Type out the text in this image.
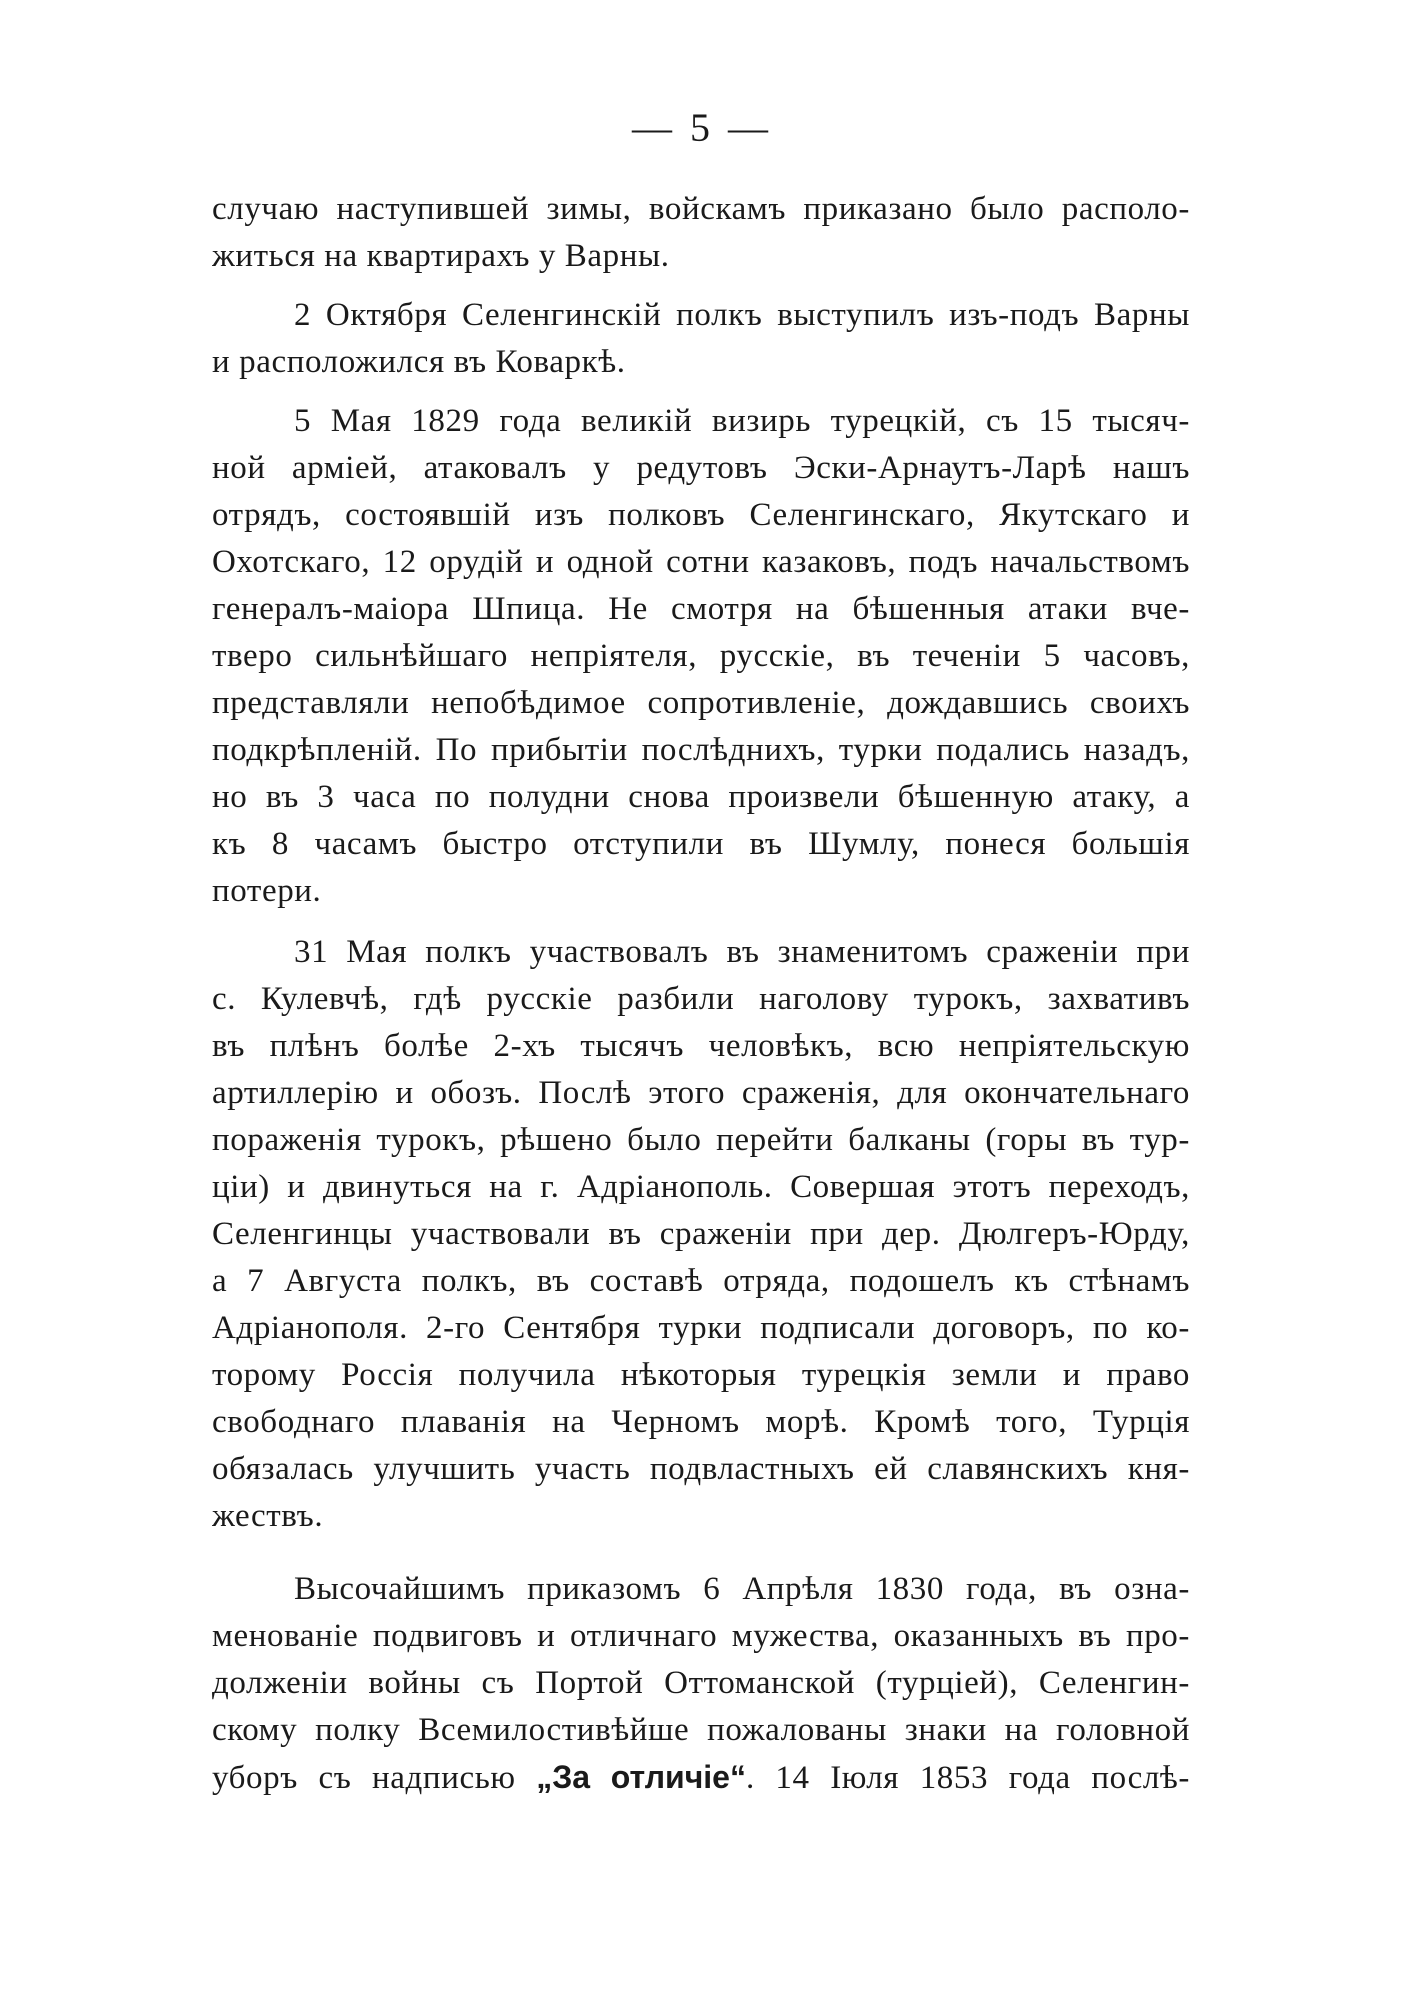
— 5 —
случаю наступившей зимы, войскамъ приказано было располо-
житься на квартирахъ у Варны.
2 Октября Селенгинскій полкъ выступилъ изъ-подъ Варны
и расположился въ Коваркѣ.
5 Мая 1829 года великій визирь турецкій, съ 15 тысяч-
ной арміей, атаковалъ у редутовъ Эски-Арнаутъ-Ларѣ нашъ
отрядъ, состоявшій изъ полковъ Селенгинскаго, Якутскаго и
Охотскаго, 12 орудій и одной сотни казаковъ, подъ начальствомъ
генералъ-маіора Шпица. Не смотря на бѣшенныя атаки вче-
тверо сильнѣйшаго непріятеля, русскіе, въ теченіи 5 часовъ,
представляли непобѣдимое сопротивленіе, дождавшись своихъ
подкрѣпленій. По прибытіи послѣднихъ, турки подались назадъ,
но въ 3 часа по полудни снова произвели бѣшенную атаку, а
къ 8 часамъ быстро отступили въ Шумлу, понеся большія
потери.
31 Мая полкъ участвовалъ въ знаменитомъ сраженіи при
с. Кулевчѣ, гдѣ русскіе разбили наголову турокъ, захвативъ
въ плѣнъ болѣе 2-хъ тысячъ человѣкъ, всю непріятельскую
артиллерію и обозъ. Послѣ этого сраженія, для окончательнаго
пораженія турокъ, рѣшено было перейти балканы (горы въ тур-
ціи) и двинуться на г. Адріанополь. Совершая этотъ переходъ,
Селенгинцы участвовали въ сраженіи при дер. Дюлгеръ-Юрду,
а 7 Августа полкъ, въ составѣ отряда, подошелъ къ стѣнамъ
Адріанополя. 2-го Сентября турки подписали договоръ, по ко-
торому Россія получила нѣкоторыя турецкія земли и право
свободнаго плаванія на Черномъ морѣ. Кромѣ того, Турція
обязалась улучшить участь подвластныхъ ей славянскихъ кня-
жествъ.
Высочайшимъ приказомъ 6 Апрѣля 1830 года, въ озна-
менованіе подвиговъ и отличнаго мужества, оказанныхъ въ про-
долженіи войны съ Портой Оттоманской (турціей), Селенгин-
скому полку Всемилостивѣйше пожалованы знаки на головной
уборъ съ надписью „За отличіе“. 14 Іюля 1853 года послѣ-
